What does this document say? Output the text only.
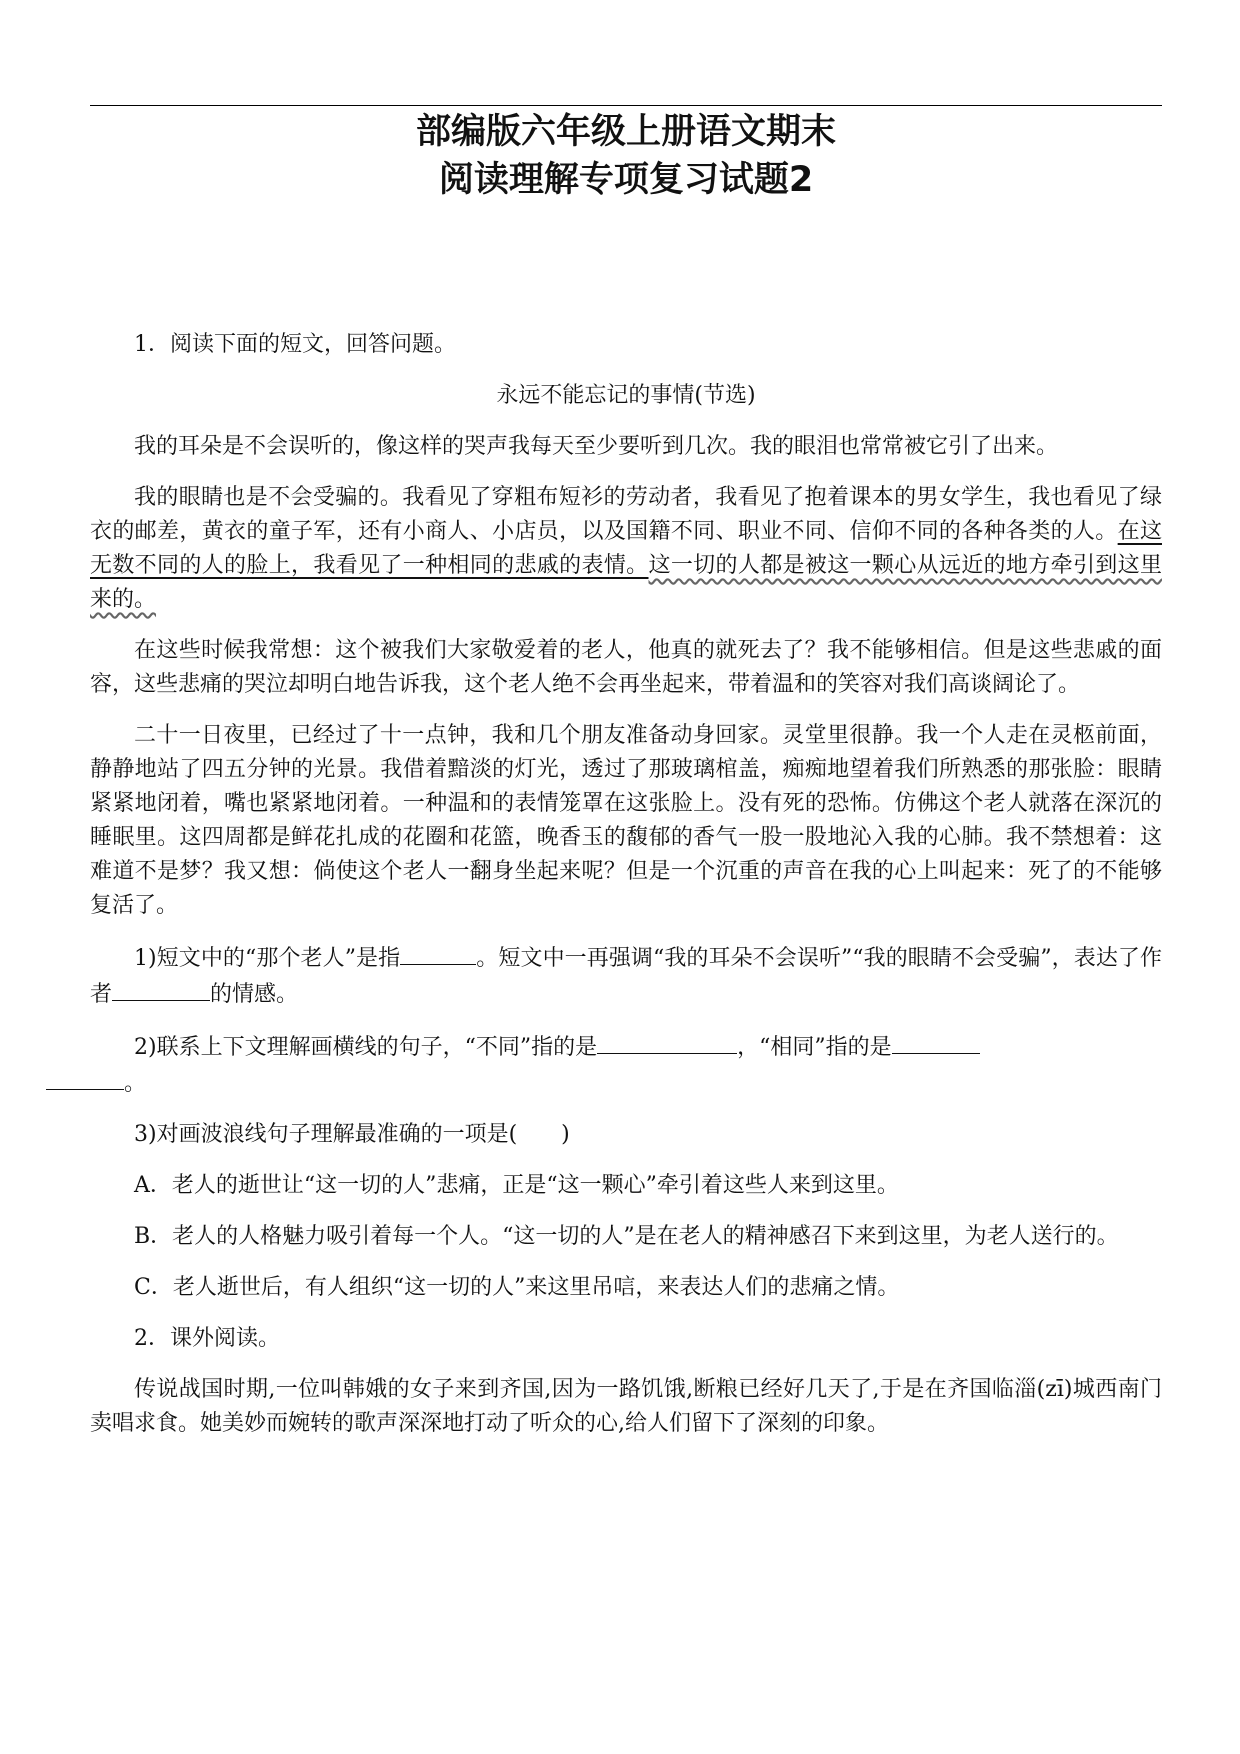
部编版六年级上册语文期末
阅读理解专项复习试题2

1．阅读下面的短文，回答问题。

永远不能忘记的事情(节选)

我的耳朵是不会误听的，像这样的哭声我每天至少要听到几次。我的眼泪也常常被它引了出来。

我的眼睛也是不会受骗的。我看见了穿粗布短衫的劳动者，我看见了抱着课本的男女学生，我也看见了绿衣的邮差，黄衣的童子军，还有小商人、小店员，以及国籍不同、职业不同、信仰不同的各种各类的人。在这无数不同的人的脸上，我看见了一种相同的悲戚的表情。这一切的人都是被这一颗心从远近的地方牵引到这里来的。

在这些时候我常想：这个被我们大家敬爱着的老人，他真的就死去了？我不能够相信。但是这些悲戚的面容，这些悲痛的哭泣却明白地告诉我，这个老人绝不会再坐起来，带着温和的笑容对我们高谈阔论了。

二十一日夜里，已经过了十一点钟，我和几个朋友准备动身回家。灵堂里很静。我一个人走在灵柩前面，静静地站了四五分钟的光景。我借着黯淡的灯光，透过了那玻璃棺盖，痴痴地望着我们所熟悉的那张脸：眼睛紧紧地闭着，嘴也紧紧地闭着。一种温和的表情笼罩在这张脸上。没有死的恐怖。仿佛这个老人就落在深沉的睡眠里。这四周都是鲜花扎成的花圈和花篮，晚香玉的馥郁的香气一股一股地沁入我的心肺。我不禁想着：这难道不是梦？我又想：倘使这个老人一翻身坐起来呢？但是一个沉重的声音在我的心上叫起来：死了的不能够复活了。

1)短文中的“那个老人”是指	。短文中一再强调“我的耳朵不会误听”“我的眼睛不会受骗”，表达了作者	的情感。

2)联系上下文理解画横线的句子，“不同”指的是	，“相同”指的是
。

3)对画波浪线句子理解最准确的一项是(　　)

A．老人的逝世让“这一切的人”悲痛，正是“这一颗心”牵引着这些人来到这里。

B．老人的人格魅力吸引着每一个人。“这一切的人”是在老人的精神感召下来到这里，为老人送行的。

C．老人逝世后，有人组织“这一切的人”来这里吊唁，来表达人们的悲痛之情。

2．课外阅读。

传说战国时期,一位叫韩娥的女子来到齐国,因为一路饥饿,断粮已经好几天了,于是在齐国临淄(zī)城西南门卖唱求食。她美妙而婉转的歌声深深地打动了听众的心,给人们留下了深刻的印象。
